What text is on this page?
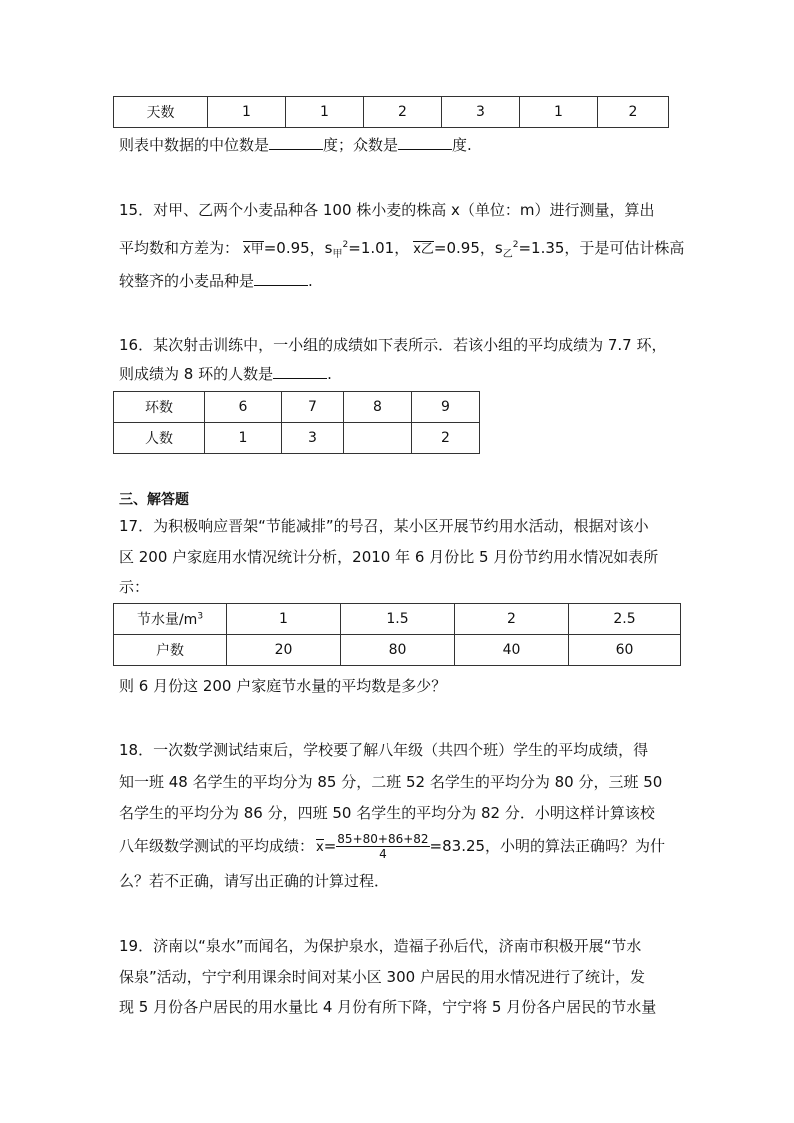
天数	1	1	2	3	1	2
则表中数据的中位数是	度；众数是	度.
15．对甲、乙两个小麦品种各 100 株小麦的株高 x（单位：m）进行测量，算出
平均数和方差为： x甲=0.95，$s_甲^2=1.01$， x乙=0.95，$s_乙^2=1.35$，于是可估计株高
较整齐的小麦品种是	.
16．某次射击训练中，一小组的成绩如下表所示．若该小组的平均成绩为 7.7 环，
则成绩为 8 环的人数是	.
环数	6	7	8	9
人数	1	3		2
三、解答题
17．为积极响应晋架“节能减排”的号召，某小区开展节约用水活动，根据对该小
区 200 户家庭用水情况统计分析，2010 年 6 月份比 5 月份节约用水情况如表所
示：
节水量$/m^3$	1	1.5	2	2.5
户数	20	80	40	60
则 6 月份这 200 户家庭节水量的平均数是多少？
18．一次数学测试结束后，学校要了解八年级（共四个班）学生的平均成绩，得
知一班 48 名学生的平均分为 85 分，二班 52 名学生的平均分为 80 分，三班 50
名学生的平均分为 86 分，四班 50 名学生的平均分为 82 分．小明这样计算该校
八年级数学测试的平均成绩： $x= \frac{85+80+86+82}{4} =83.25$，小明的算法正确吗？为什
么？若不正确，请写出正确的计算过程．
19．济南以“泉水”而闻名，为保护泉水，造福子孙后代，济南市积极开展“节水
保泉”活动，宁宁利用课余时间对某小区 300 户居民的用水情况进行了统计，发
现 5 月份各户居民的用水量比 4 月份有所下降，宁宁将 5 月份各户居民的节水量
